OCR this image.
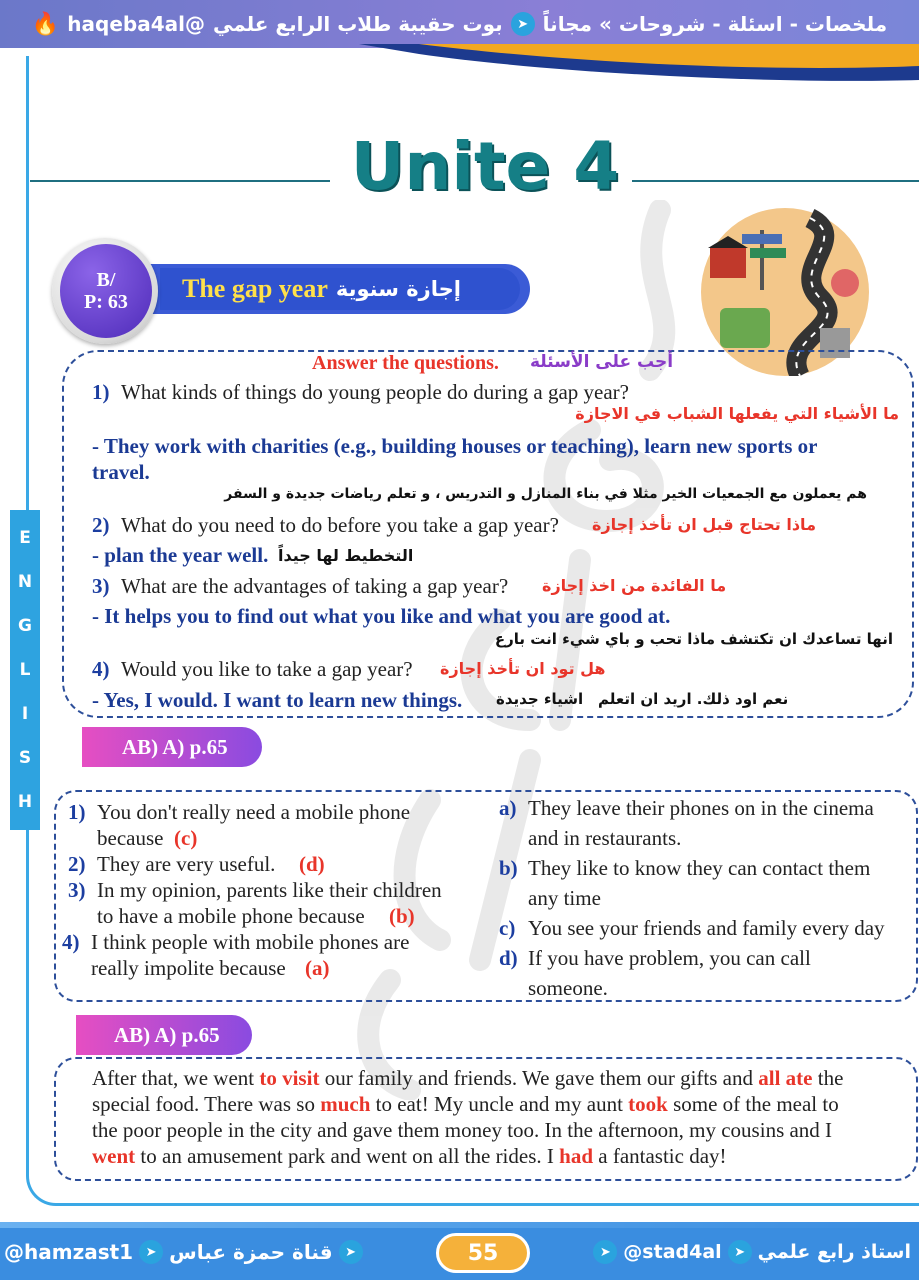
ملخصات - اسئلة - شروحات » مجاناً
➤
بوت حقيبة طلاب الرابع علمي
@haqeba4al
🔥
E
N
G
L
I
S
H
Unite 4
The gap year إجازة سنوية
B/
P: 63
Answer the questions. أجب على الأسئلة
1) What kinds of things do young people do during a gap year?
ما الأشياء التي يفعلها الشباب في الاجازة
- They work with charities (e.g., building houses or teaching), learn new sports or
travel.
هم يعملون مع الجمعيات الخير مثلا في بناء المنازل و التدريس ، و تعلم رياضات جديدة و السفر
2) What do you need to do before you take a gap year? ماذا تحتاج قبل ان تأخذ إجازة
- plan the year well. التخطيط لها جيداً
3) What are the advantages of taking a gap year? ما الفائدة من اخذ إجازة
- It helps you to find out what you like and what you are good at.
انها تساعدك ان تكتشف ماذا تحب و باي شيء انت بارع
4) Would you like to take a gap year? هل تود ان تأخذ إجازة
- Yes, I would. I want to learn new things. اشياء جديدة نعم اود ذلك. اريد ان اتعلم
AB) A) p.65
1) You don't really need a mobile phone
because (c)
2) They are very useful. (d)
3) In my opinion, parents like their children
to have a mobile phone because (b)
4) I think people with mobile phones are
really impolite because (a)
a) They leave their phones on in the cinema
and in restaurants.
b) They like to know they can contact them
any time
c) You see your friends and family every day
d) If you have problem, you can call
someone.
AB) A) p.65
After that, we went to visit our family and friends. We gave them our gifts and all ate the
special food. There was so much to eat! My uncle and my aunt took some of the meal to
the poor people in the city and gave them money too. In the afternoon, my cousins and I
went to an amusement park and went on all the rides. I had a fantastic day!
@hamzast1 ➤ قناة حمزة عباس ➤	55	➤ @stad4al ➤ استاذ رابع علمي
